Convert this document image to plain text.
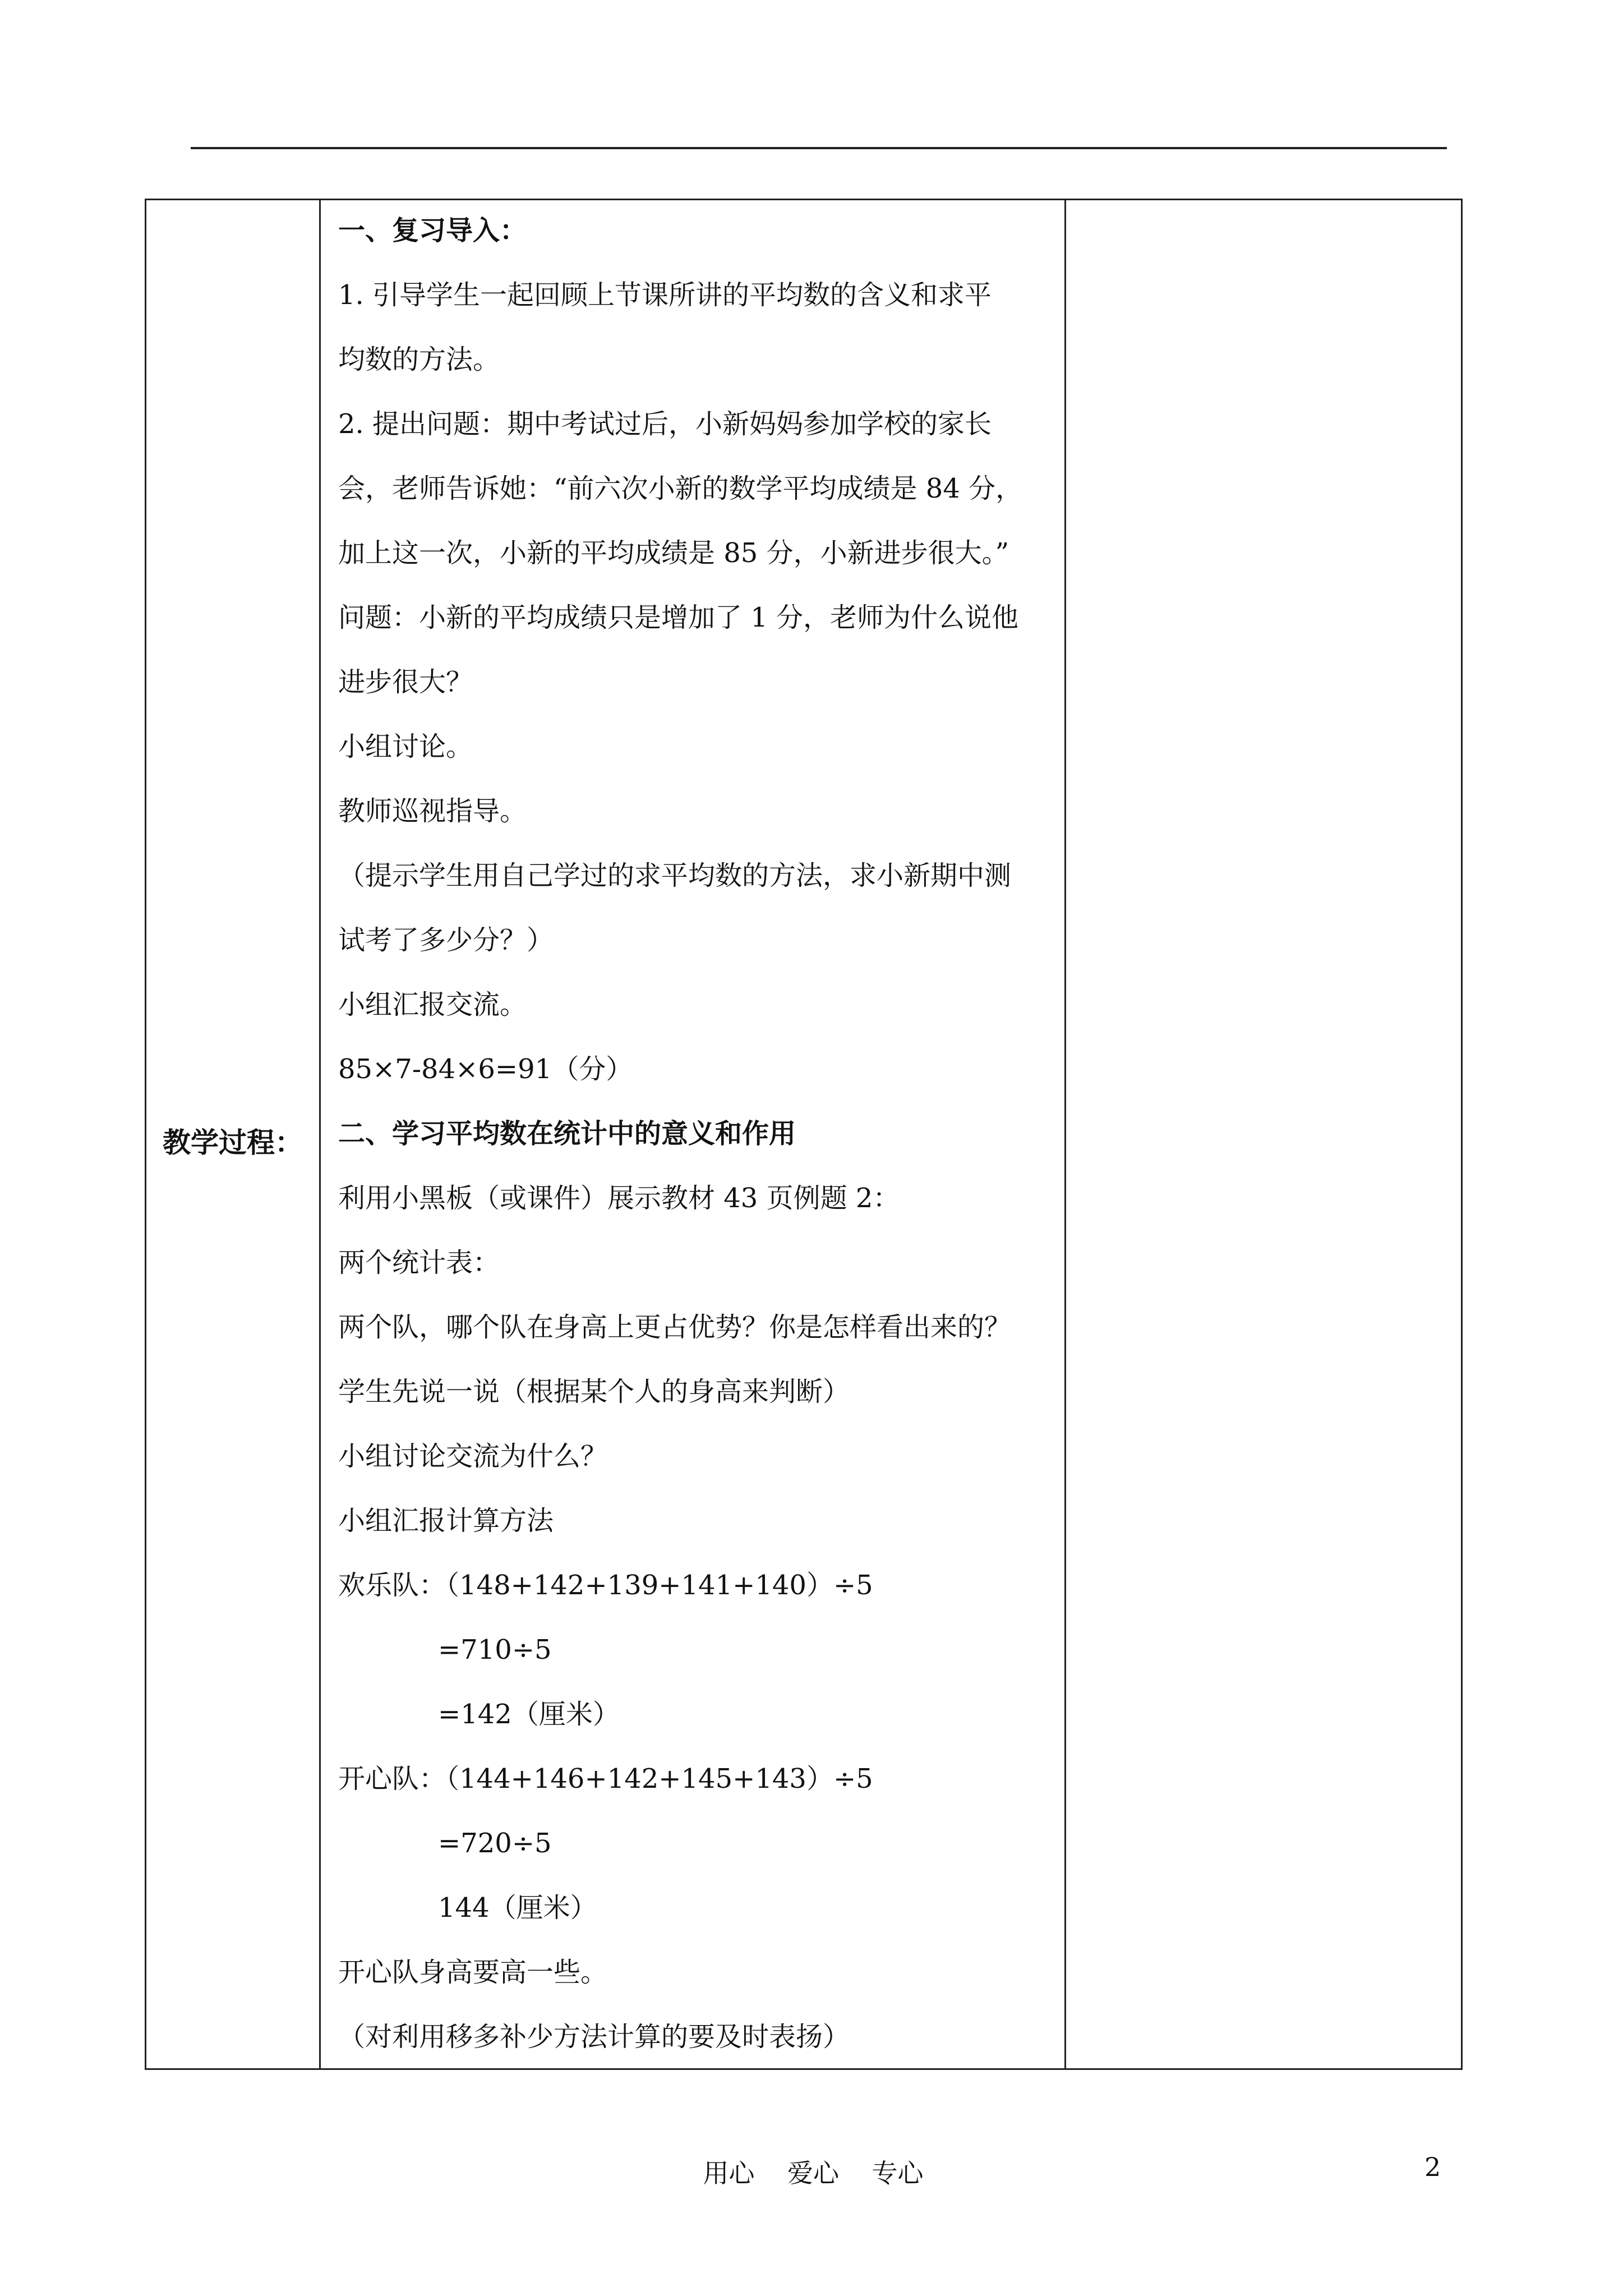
教学过程：
一、复习导入：
1. 引导学生一起回顾上节课所讲的平均数的含义和求平
均数的方法。
2. 提出问题：期中考试过后，小新妈妈参加学校的家长
会，老师告诉她：“前六次小新的数学平均成绩是 84 分，
加上这一次，小新的平均成绩是 85 分，小新进步很大。”
问题：小新的平均成绩只是增加了 1 分，老师为什么说他
进步很大？
小组讨论。
教师巡视指导。
（提示学生用自己学过的求平均数的方法，求小新期中测
试考了多少分？）
小组汇报交流。
85×7-84×6=91（分）
二、学习平均数在统计中的意义和作用
利用小黑板（或课件）展示教材 43 页例题 2：
两个统计表：
两个队，哪个队在身高上更占优势？你是怎样看出来的？
学生先说一说（根据某个人的身高来判断）
小组讨论交流为什么？
小组汇报计算方法
欢乐队：（148+142+139+141+140）÷5
=710÷5
=142（厘米）
开心队：（144+146+142+145+143）÷5
=720÷5
144（厘米）
开心队身高要高一些。
（对利用移多补少方法计算的要及时表扬）
用心    爱心    专心	2
